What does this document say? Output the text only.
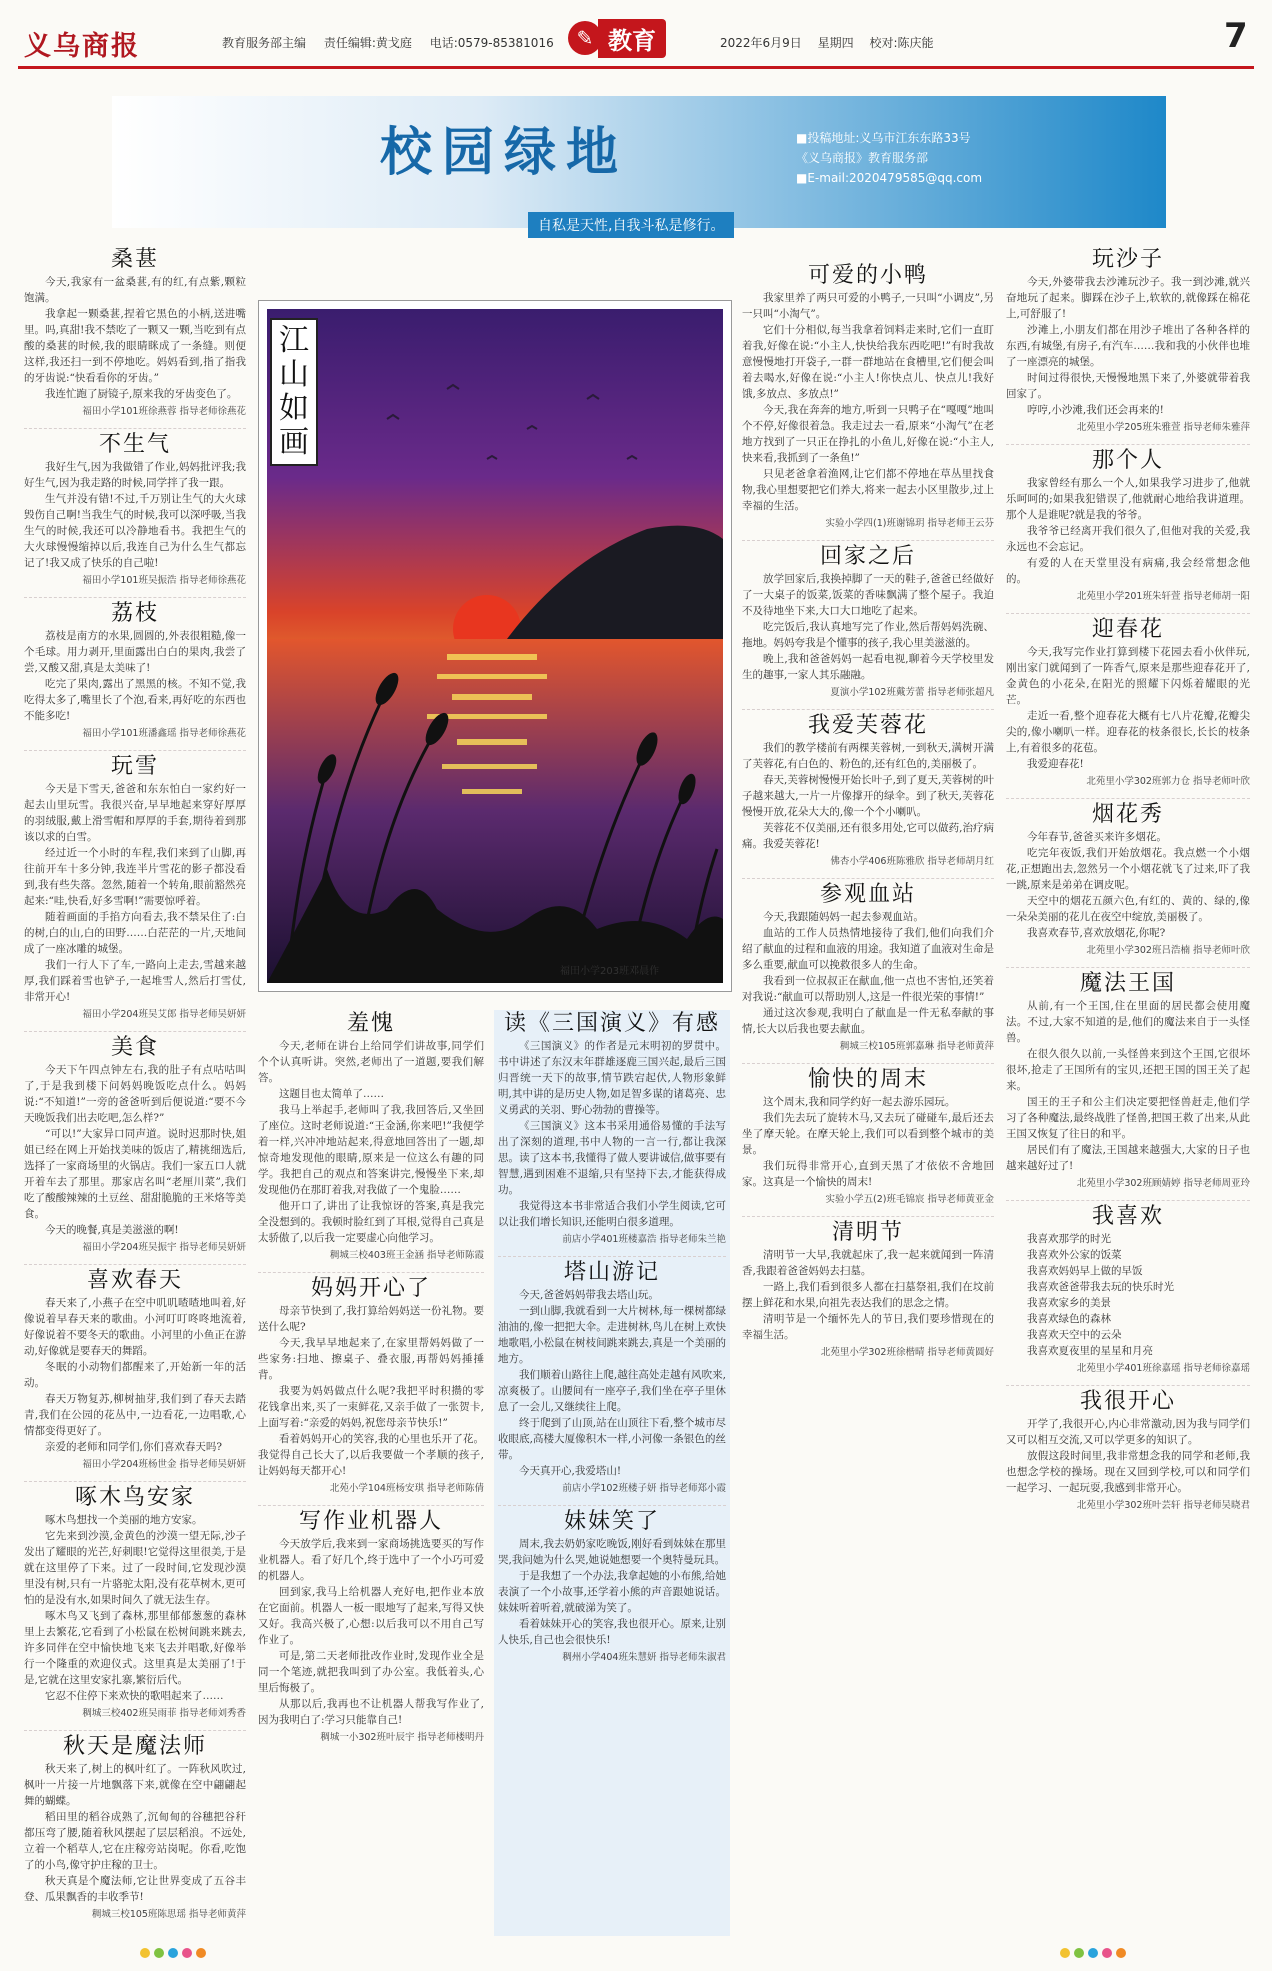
义乌商报	教育服务部主编 责任编辑:黄戈庭 电话:0579-85381016	✎ 教育	2022年6月9日 星期四 校对:陈庆能	7
校园绿地
自私是天性,自我斗私是修行。
■投稿地址:义乌市江东东路33号
《义乌商报》教育服务部
■E-mail:2020479585@qq.com
桑葚

今天,我家有一盆桑葚,有的红,有点紫,颗粒饱满。

我拿起一颗桑葚,捏着它黑色的小柄,送进嘴里。吗,真甜!我不禁吃了一颗又一颗,当吃到有点酸的桑葚的时候,我的眼睛眯成了一条缝。则便这样,我还扫一到不停地吃。妈妈看到,指了指我的牙齿说:“快看看你的牙齿。”

我连忙跑了厨镜子,原来我的牙齿变色了。

福田小学101班徐燕蓉 指导老师徐燕花
不生气

我好生气,因为我做错了作业,妈妈批评我;我好生气,因为我走路的时候,同学拌了我一跟。

生气并没有错!不过,千万别让生气的大火球毁伤自己啊!当我生气的时候,我可以深呼吸,当我生气的时候,我还可以冷静地看书。我把生气的大火球慢慢缩掉以后,我连自己为什么生气都忘记了!我又成了快乐的自己啦!

福田小学101班吴振浩 指导老师徐燕花
荔枝

荔枝是南方的水果,圆圆的,外表很粗糙,像一个毛球。用力剥开,里面露出白白的果肉,我尝了尝,又酸又甜,真是太美味了!

吃完了果肉,露出了黑黑的核。不知不觉,我吃得太多了,嘴里长了个泡,看来,再好吃的东西也不能多吃!

福田小学101班潘鑫瑶 指导老师徐燕花
玩雪

今天是下雪天,爸爸和东东怕白一家约好一起去山里玩雪。我很兴奋,早早地起来穿好厚厚的羽绒服,戴上滑雪帽和厚厚的手套,期待着到那该以求的白雪。

经过近一个小时的车程,我们来到了山脚,再往前开车十多分钟,我连半片雪花的影子都没看到,我有些失落。忽然,随着一个转角,眼前豁然亮起来:“哇,快看,好多雪啊!”需要惊呼着。

随着画面的手掐方向看去,我不禁呆住了:白的树,白的山,白的田野……白茫茫的一片,天地间成了一座冰雕的城堡。

我们一行人下了车,一路向上走去,雪越来越厚,我们踩着雪也铲子,一起堆雪人,然后打雪仗,非常开心!

福田小学204班吴艾郎 指导老师吴妍妍
美食

今天下午四点钟左右,我的肚子有点咕咕叫了,于是我到楼下问妈妈晚饭吃点什么。妈妈说:“不知道!”一旁的爸爸听到后便说道:“要不今天晚饭我们出去吃吧,怎么样?”

“可以!”大家异口同声道。说时迟那时快,姐姐已经在网上开始找美味的饭店了,精挑细选后,选择了一家商场里的火锅店。我们一家五口人就开着车去了那里。那家店名叫“老厘川菜”,我们吃了酸酸辣辣的土豆丝、甜甜脆脆的王米烙等美食。

今天的晚餐,真是美滋滋的啊!

福田小学204班吴振宇 指导老师吴妍妍
喜欢春天

春天来了,小燕子在空中叽叽喳喳地叫着,好像说着早春天来的歌曲。小河叮叮咚咚地流着,好像说着不要冬天的歌曲。小河里的小鱼正在游动,好像就是要春天的舞蹈。

冬眠的小动物们都醒来了,开始新一年的活动。

春天万物复苏,柳树抽芽,我们到了春天去踏青,我们在公园的花丛中,一边看花,一边唱歌,心情都变得更好了。

亲爱的老师和同学们,你们喜欢春天吗?

福田小学204班杨世金 指导老师吴妍妍
啄木鸟安家

啄木鸟想找一个美丽的地方安家。

它先来到沙漠,金黄色的沙漠一望无际,沙子发出了耀眼的光芒,好刺眼!它觉得这里很美,于是就在这里停了下来。过了一段时间,它发现沙漠里没有树,只有一片骆驼太阳,没有花草树木,更可怕的是没有水,如果时间久了就无法生存。

啄木鸟又飞到了森林,那里郁郁葱葱的森林里上去繁花,它看到了小松鼠在松树间跳来跳去,许多同伴在空中愉快地飞来飞去并唱歌,好像举行一个隆重的欢迎仪式。这里真是太美丽了!于是,它就在这里安家扎寨,繁衍后代。

它忍不住停下来欢快的歌唱起来了……

稠城三校402班吴雨菲 指导老师刘秀香
秋天是魔法师

秋天来了,树上的枫叶红了。一阵秋风吹过,枫叶一片接一片地飘落下来,就像在空中翩翩起舞的蝴蝶。

稻田里的稻谷成熟了,沉甸甸的谷穗把谷秆都压弯了腰,随着秋风摆起了层层稻浪。不远处,立着一个稻草人,它在庄稼旁站岗呢。你看,吃饱了的小鸟,像守护庄稼的卫士。

秋天真是个魔法师,它让世界变成了五谷丰登、瓜果飘香的丰收季节!

稠城三校105班陈思瑶 指导老师黄萍
羞愧

今天,老师在讲台上给同学们讲故事,同学们个个认真听讲。突然,老师出了一道题,要我们解答。

这题目也太简单了……

我马上举起手,老师叫了我,我回答后,又坐回了座位。这时老师说道:“王金涵,你来吧!”我便学着一样,兴冲冲地站起来,得意地回答出了一题,却惊奇地发现他的眼睛,原来是一位这么有趣的同学。我把自己的观点和答案讲完,慢慢坐下来,却发现他仍在那盯着我,对我做了一个鬼脸……

他开口了,讲出了让我惊讶的答案,真是我完全没想到的。我顿时脸红到了耳根,觉得自己真是太骄傲了,以后我一定要虚心向他学习。

稠城三校403班王金涵 指导老师陈霞
妈妈开心了

母亲节快到了,我打算给妈妈送一份礼物。要送什么呢?

今天,我早早地起来了,在家里帮妈妈做了一些家务:扫地、擦桌子、叠衣服,再帮妈妈捶捶背。

我要为妈妈做点什么呢?我把平时积攒的零花钱拿出来,买了一束鲜花,又亲手做了一张贺卡,上面写着:“亲爱的妈妈,祝您母亲节快乐!”

看着妈妈开心的笑容,我的心里也乐开了花。我觉得自己长大了,以后我要做一个孝顺的孩子,让妈妈每天都开心!

北苑小学104班杨安琪 指导老师陈倩
写作业机器人

今天放学后,我来到一家商场挑选要买的写作业机器人。看了好几个,终于选中了一个小巧可爱的机器人。

回到家,我马上给机器人充好电,把作业本放在它面前。机器人一板一眼地写了起来,写得又快又好。我高兴极了,心想:以后我可以不用自己写作业了。

可是,第二天老师批改作业时,发现作业全是同一个笔迹,就把我叫到了办公室。我低着头,心里后悔极了。

从那以后,我再也不让机器人帮我写作业了,因为我明白了:学习只能靠自己!

稠城一小302班叶辰宇 指导老师楼明丹
读《三国演义》有感

《三国演义》的作者是元末明初的罗贯中。书中讲述了东汉末年群雄逐鹿三国兴起,最后三国归晋统一天下的故事,情节跌宕起伏,人物形象鲜明,其中讲的是历史人物,如足智多谋的诸葛亮、忠义勇武的关羽、野心勃勃的曹操等。

《三国演义》这本书采用通俗易懂的手法写出了深刻的道理,书中人物的一言一行,都让我深思。读了这本书,我懂得了做人要讲诚信,做事要有智慧,遇到困难不退缩,只有坚持下去,才能获得成功。

我觉得这本书非常适合我们小学生阅读,它可以让我们增长知识,还能明白很多道理。

前店小学401班楼嘉浩 指导老师朱兰艳
塔山游记

今天,爸爸妈妈带我去塔山玩。

一到山脚,我就看到一大片树林,每一棵树都绿油油的,像一把把大伞。走进树林,鸟儿在树上欢快地歌唱,小松鼠在树枝间跳来跳去,真是一个美丽的地方。

我们顺着山路往上爬,越往高处走越有风吹来,凉爽极了。山腰间有一座亭子,我们坐在亭子里休息了一会儿,又继续往上爬。

终于爬到了山顶,站在山顶往下看,整个城市尽收眼底,高楼大厦像积木一样,小河像一条银色的丝带。

今天真开心,我爱塔山!

前店小学102班楼子妍 指导老师郑小霞
妹妹笑了

周末,我去奶奶家吃晚饭,刚好看到妹妹在那里哭,我问她为什么哭,她说她想要一个奥特曼玩具。

于是我想了一个办法,我拿起她的小布熊,给她表演了一个小故事,还学着小熊的声音跟她说话。妹妹听着听着,就破涕为笑了。

看着妹妹开心的笑容,我也很开心。原来,让别人快乐,自己也会很快乐!

稠州小学404班朱慧妍 指导老师朱淑君
可爱的小鸭

我家里养了两只可爱的小鸭子,一只叫“小调皮”,另一只叫“小淘气”。

它们十分相似,每当我拿着饲料走来时,它们一直盯着我,好像在说:“小主人,快快给我东西吃吧!”有时我故意慢慢地打开袋子,一群一群地站在食槽里,它们便会叫着去喝水,好像在说:“小主人!你快点儿、快点儿!我好饿,多放点、多放点!”

今天,我在奔奔的地方,听到一只鸭子在“嘎嘎”地叫个不停,好像很着急。我走过去一看,原来“小淘气”在老地方找到了一只正在挣扎的小鱼儿,好像在说:“小主人,快来看,我抓到了一条鱼!”

只见老爸拿着渔网,让它们都不停地在草丛里找食物,我心里想要把它们养大,将来一起去小区里散步,过上幸福的生活。

实验小学四(1)班谢锦玥 指导老师王云芬
回家之后

放学回家后,我换掉脚了一天的鞋子,爸爸已经做好了一大桌子的饭菜,饭菜的香味飘满了整个屋子。我迫不及待地坐下来,大口大口地吃了起来。

吃完饭后,我认真地写完了作业,然后帮妈妈洗碗、拖地。妈妈夸我是个懂事的孩子,我心里美滋滋的。

晚上,我和爸爸妈妈一起看电视,聊着今天学校里发生的趣事,一家人其乐融融。

夏演小学102班戴芳蕾 指导老师张超凡
我爱芙蓉花

我们的教学楼前有两棵芙蓉树,一到秋天,满树开满了芙蓉花,有白色的、粉色的,还有红色的,美丽极了。

春天,芙蓉树慢慢开始长叶子,到了夏天,芙蓉树的叶子越来越大,一片一片像撑开的绿伞。到了秋天,芙蓉花慢慢开放,花朵大大的,像一个个小喇叭。

芙蓉花不仅美丽,还有很多用处,它可以做药,治疗病痛。我爱芙蓉花!

佛杏小学406班陈雅欣 指导老师胡月红
参观血站

今天,我跟随妈妈一起去参观血站。

血站的工作人员热情地接待了我们,他们向我们介绍了献血的过程和血液的用途。我知道了血液对生命是多么重要,献血可以挽救很多人的生命。

我看到一位叔叔正在献血,他一点也不害怕,还笑着对我说:“献血可以帮助别人,这是一件很光荣的事情!”

通过这次参观,我明白了献血是一件无私奉献的事情,长大以后我也要去献血。

稠城三校105班郭嘉琳 指导老师黄萍
愉快的周末

这个周末,我和同学约好一起去游乐园玩。

我们先去玩了旋转木马,又去玩了碰碰车,最后还去坐了摩天轮。在摩天轮上,我们可以看到整个城市的美景。

我们玩得非常开心,直到天黑了才依依不舍地回家。这真是一个愉快的周末!

实验小学五(2)班毛锦宸 指导老师黄亚金
清明节

清明节一大早,我就起床了,我一起来就闻到一阵清香,我跟着爸爸妈妈去扫墓。

一路上,我们看到很多人都在扫墓祭祖,我们在坟前摆上鲜花和水果,向祖先表达我们的思念之情。

清明节是一个缅怀先人的节日,我们要珍惜现在的幸福生活。

北苑里小学302班徐楷晴 指导老师黄圆好
玩沙子

今天,外婆带我去沙滩玩沙子。我一到沙滩,就兴奋地玩了起来。脚踩在沙子上,软软的,就像踩在棉花上,可舒服了!

沙滩上,小朋友们都在用沙子堆出了各种各样的东西,有城堡,有房子,有汽车……我和我的小伙伴也堆了一座漂亮的城堡。

时间过得很快,天慢慢地黑下来了,外婆就带着我回家了。

哼哼,小沙滩,我们还会再来的!

北苑里小学205班朱雅萱 指导老师朱雅萍
那个人

我家曾经有那么一个人,如果我学习进步了,他就乐呵呵的;如果我犯错误了,他就耐心地给我讲道理。那个人是谁呢?就是我的爷爷。

我爷爷已经离开我们很久了,但他对我的关爱,我永远也不会忘记。

有爱的人在天堂里没有病痛,我会经常想念他的。

北苑里小学201班朱轩萱 指导老师胡一阳
迎春花

今天,我写完作业打算到楼下花园去看小伙伴玩,刚出家门就闻到了一阵香气,原来是那些迎春花开了,金黄色的小花朵,在阳光的照耀下闪烁着耀眼的光芒。

走近一看,整个迎春花大概有七八片花瓣,花瓣尖尖的,像小喇叭一样。迎春花的枝条很长,长长的枝条上,有着很多的花苞。

我爱迎春花!

北苑里小学302班郭力仓 指导老师叶欣
烟花秀

今年春节,爸爸买来许多烟花。

吃完年夜饭,我们开始放烟花。我点燃一个小烟花,正想跑出去,忽然另一个小烟花就飞了过来,吓了我一跳,原来是弟弟在调皮呢。

天空中的烟花五颜六色,有红的、黄的、绿的,像一朵朵美丽的花儿在夜空中绽放,美丽极了。

我喜欢春节,喜欢放烟花,你呢?

北苑里小学302班吕浩楠 指导老师叶欣
魔法王国

从前,有一个王国,住在里面的居民都会使用魔法。不过,大家不知道的是,他们的魔法来自于一头怪兽。

在很久很久以前,一头怪兽来到这个王国,它很坏很坏,抢走了王国所有的宝贝,还把王国的国王关了起来。

国王的王子和公主们决定要把怪兽赶走,他们学习了各种魔法,最终战胜了怪兽,把国王救了出来,从此王国又恢复了往日的和平。

居民们有了魔法,王国越来越强大,大家的日子也越来越好过了!

北苑里小学302班顾婧婷 指导老师周亚玲
我喜欢

我喜欢那学的时光

我喜欢外公家的饭菜

我喜欢妈妈早上做的早饭

我喜欢爸爸带我去玩的快乐时光

我喜欢家乡的美景

我喜欢绿色的森林

我喜欢天空中的云朵

我喜欢夏夜里的星星和月亮

北苑里小学401班徐嘉瑶 指导老师徐嘉瑶
我很开心

开学了,我很开心,内心非常激动,因为我与同学们又可以相互交流,又可以学更多的知识了。

放假这段时间里,我非常想念我的同学和老师,我也想念学校的操场。现在又回到学校,可以和同学们一起学习、一起玩耍,我感到非常开心。

北苑里小学302班叶芸轩 指导老师吴晓君
江山如画
福田小学203班邓晨作
